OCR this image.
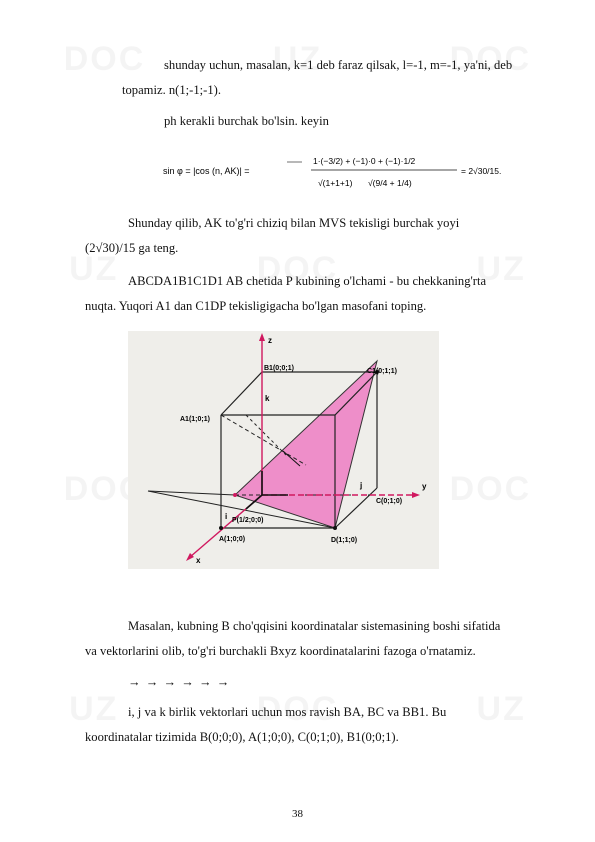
shunday uchun, masalan, k=1 deb faraz qilsak, l=-1, m=-1, ya'ni, deb
topamiz. n(1;-1;-1).
ph kerakli burchak bo'lsin. keyin
sin φ = |cos (n, AK)| =
1·(−3/2) + (−1)·0 + (−1)·1/2
√(1+1+1) √(9/4 + 1/4)
= 2√30/15.
Shunday qilib, AK to'g'ri chiziq bilan MVS tekisligi burchak yoyi
(2√30)/15 ga teng.
ABCDA1B1C1D1 AB chetida P kubining o'lchami - bu chekkaning'rta
nuqta. Yuqori A1 dan C1DP tekisligigacha bo'lgan masofani toping.
z
y
x
B1(0;0;1)	C1(0;1;1)
A1(1;0;1)
C(0;1;0)
D(1;1;0)
A(1;0;0)
P(1/2;0;0)
k
j
i
Masalan, kubning B cho'qqisini koordinatalar sistemasining boshi sifatida
va vektorlarini olib, to'g'ri burchakli Bxyz koordinatalarini fazoga o'rnatamiz.
→ → → → → →
i, j va k birlik vektorlari uchun mos ravish BA, BC va BB1. Bu
koordinatalar tizimida B(0;0;0), A(1;0;0), C(0;1;0), B1(0;0;1).
38
